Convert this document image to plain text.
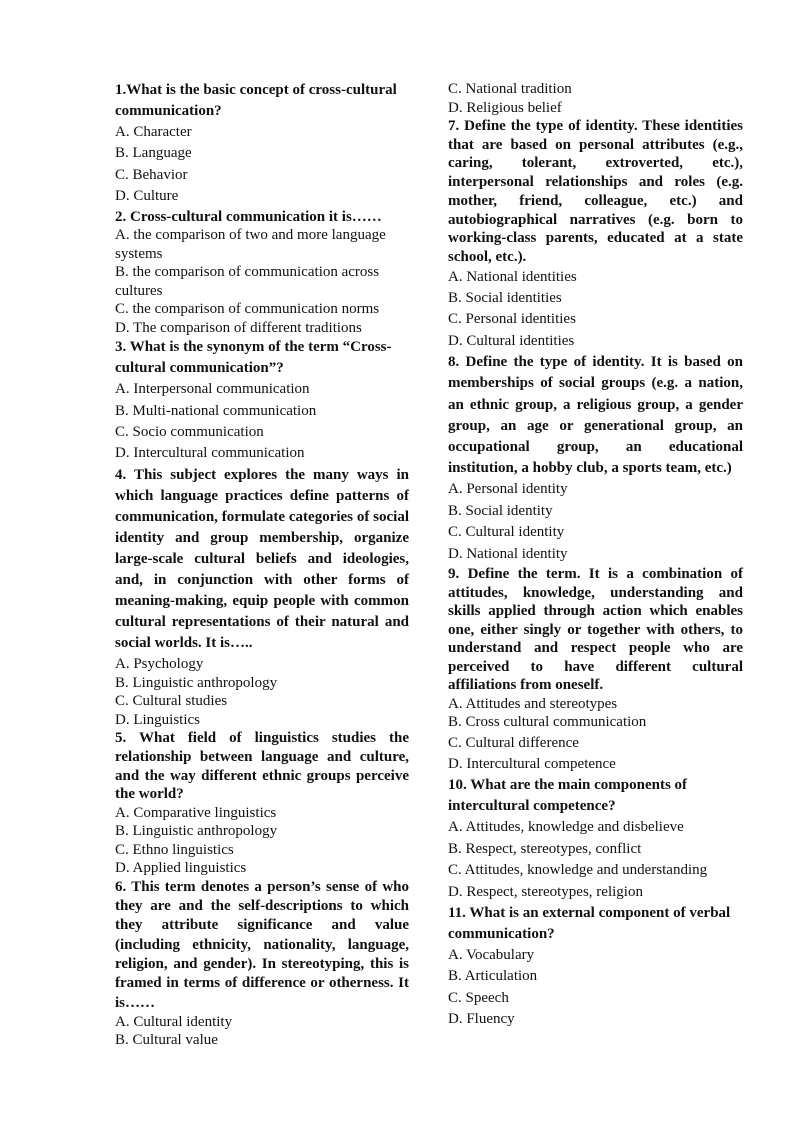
1.What is the basic concept of cross-cultural communication?
A. Character
B. Language
C. Behavior
D. Culture
2. Cross-cultural communication it is……
A. the comparison of two and more language systems
B. the comparison of communication across cultures
C. the comparison of communication norms
D. The comparison of different traditions
3. What is the synonym of the term “Cross-cultural communication”?
A. Interpersonal communication
B. Multi-national communication
C. Socio communication
D. Intercultural communication
4. This subject explores the many ways in which language practices define patterns of communication, formulate categories of social identity and group membership, organize large-scale cultural beliefs and ideologies, and, in conjunction with other forms of meaning-making, equip people with common cultural representations of their natural and social worlds. It is…..
A. Psychology
B. Linguistic anthropology
C. Cultural studies
D. Linguistics
5. What field of linguistics studies the relationship between language and culture, and the way different ethnic groups perceive the world?
A. Comparative linguistics
B. Linguistic anthropology
C. Ethno linguistics
D. Applied linguistics
6. This term denotes a person’s sense of who they are and the self-descriptions to which they attribute significance and value (including ethnicity, nationality, language, religion, and gender). In stereotyping, this is framed in terms of difference or otherness. It is……
A. Cultural identity
B. Cultural value
C. National tradition
D. Religious belief
7. Define the type of identity. These identities that are based on personal attributes (e.g., caring, tolerant, extroverted, etc.), interpersonal relationships and roles (e.g. mother, friend, colleague, etc.) and autobiographical narratives (e.g. born to working-class parents, educated at a state school, etc.).
A. National identities
B. Social identities
C. Personal identities
D. Cultural identities
8. Define the type of identity. It is based on memberships of social groups (e.g. a nation, an ethnic group, a religious group, a gender group, an age or generational group, an occupational group, an educational institution, a hobby club, a sports team, etc.)
A. Personal identity
B. Social identity
C. Cultural identity
D. National identity
9. Define the term. It is a combination of attitudes, knowledge, understanding and skills applied through action which enables one, either singly or together with others, to understand and respect people who are perceived to have different cultural affiliations from oneself.
A. Attitudes and stereotypes
B. Cross cultural communication
C. Cultural difference
D. Intercultural competence
10. What are the main components of intercultural competence?
A. Attitudes, knowledge and disbelieve
B. Respect, stereotypes, conflict
C. Attitudes, knowledge and understanding
D. Respect, stereotypes, religion
11. What is an external component of verbal communication?
A. Vocabulary
B. Articulation
C. Speech
D. Fluency
